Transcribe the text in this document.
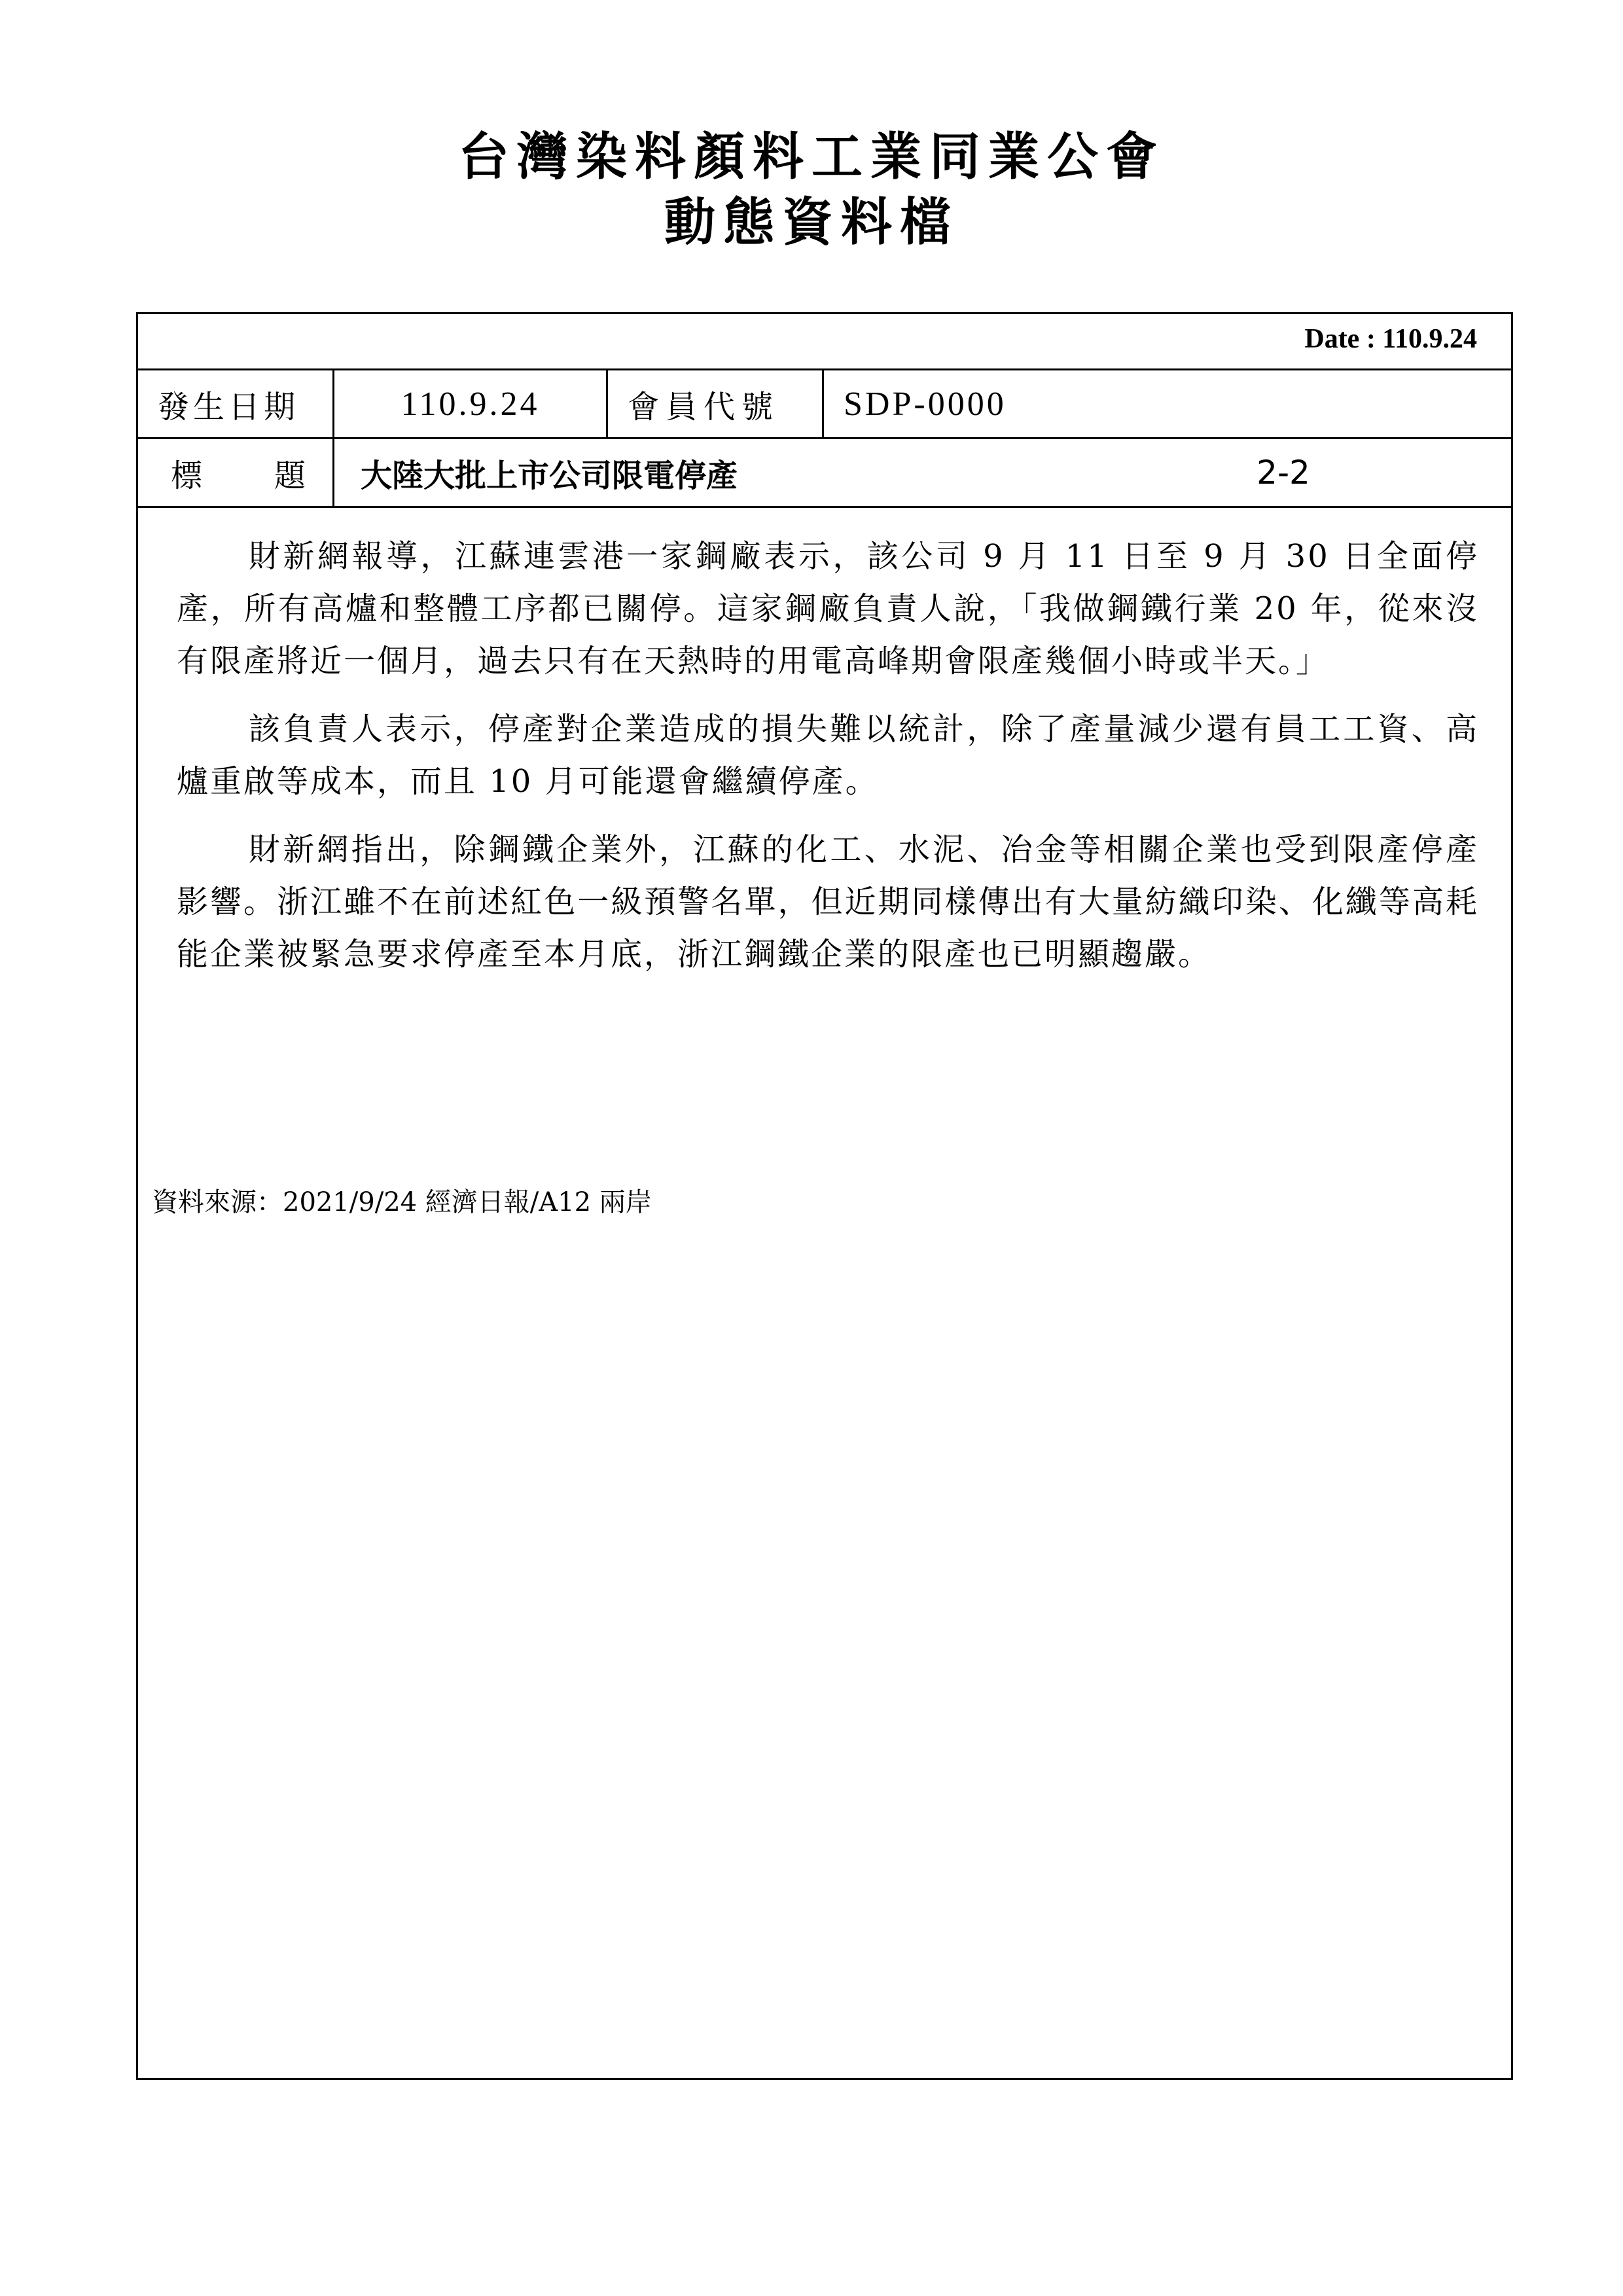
台灣染料顏料工業同業公會
動態資料檔
Date : 110.9.24
發生日期	110.9.24	會員代號	SDP-0000
標 題	大陸大批上市公司限電停產	2-2

財新網報導，江蘇連雲港一家鋼廠表示，該公司 9 月 11 日至 9 月 30 日全面停產，所有高爐和整體工序都已關停。這家鋼廠負責人說，「我做鋼鐵行業 20 年，從來沒有限產將近一個月，過去只有在天熱時的用電高峰期會限產幾個小時或半天。」

該負責人表示，停產對企業造成的損失難以統計，除了產量減少還有員工工資、高爐重啟等成本，而且 10 月可能還會繼續停產。

財新網指出，除鋼鐵企業外，江蘇的化工、水泥、冶金等相關企業也受到限產停產影響。浙江雖不在前述紅色一級預警名單，但近期同樣傳出有大量紡織印染、化纖等高耗能企業被緊急要求停產至本月底，浙江鋼鐵企業的限產也已明顯趨嚴。

資料來源：2021/9/24 經濟日報/A12 兩岸
